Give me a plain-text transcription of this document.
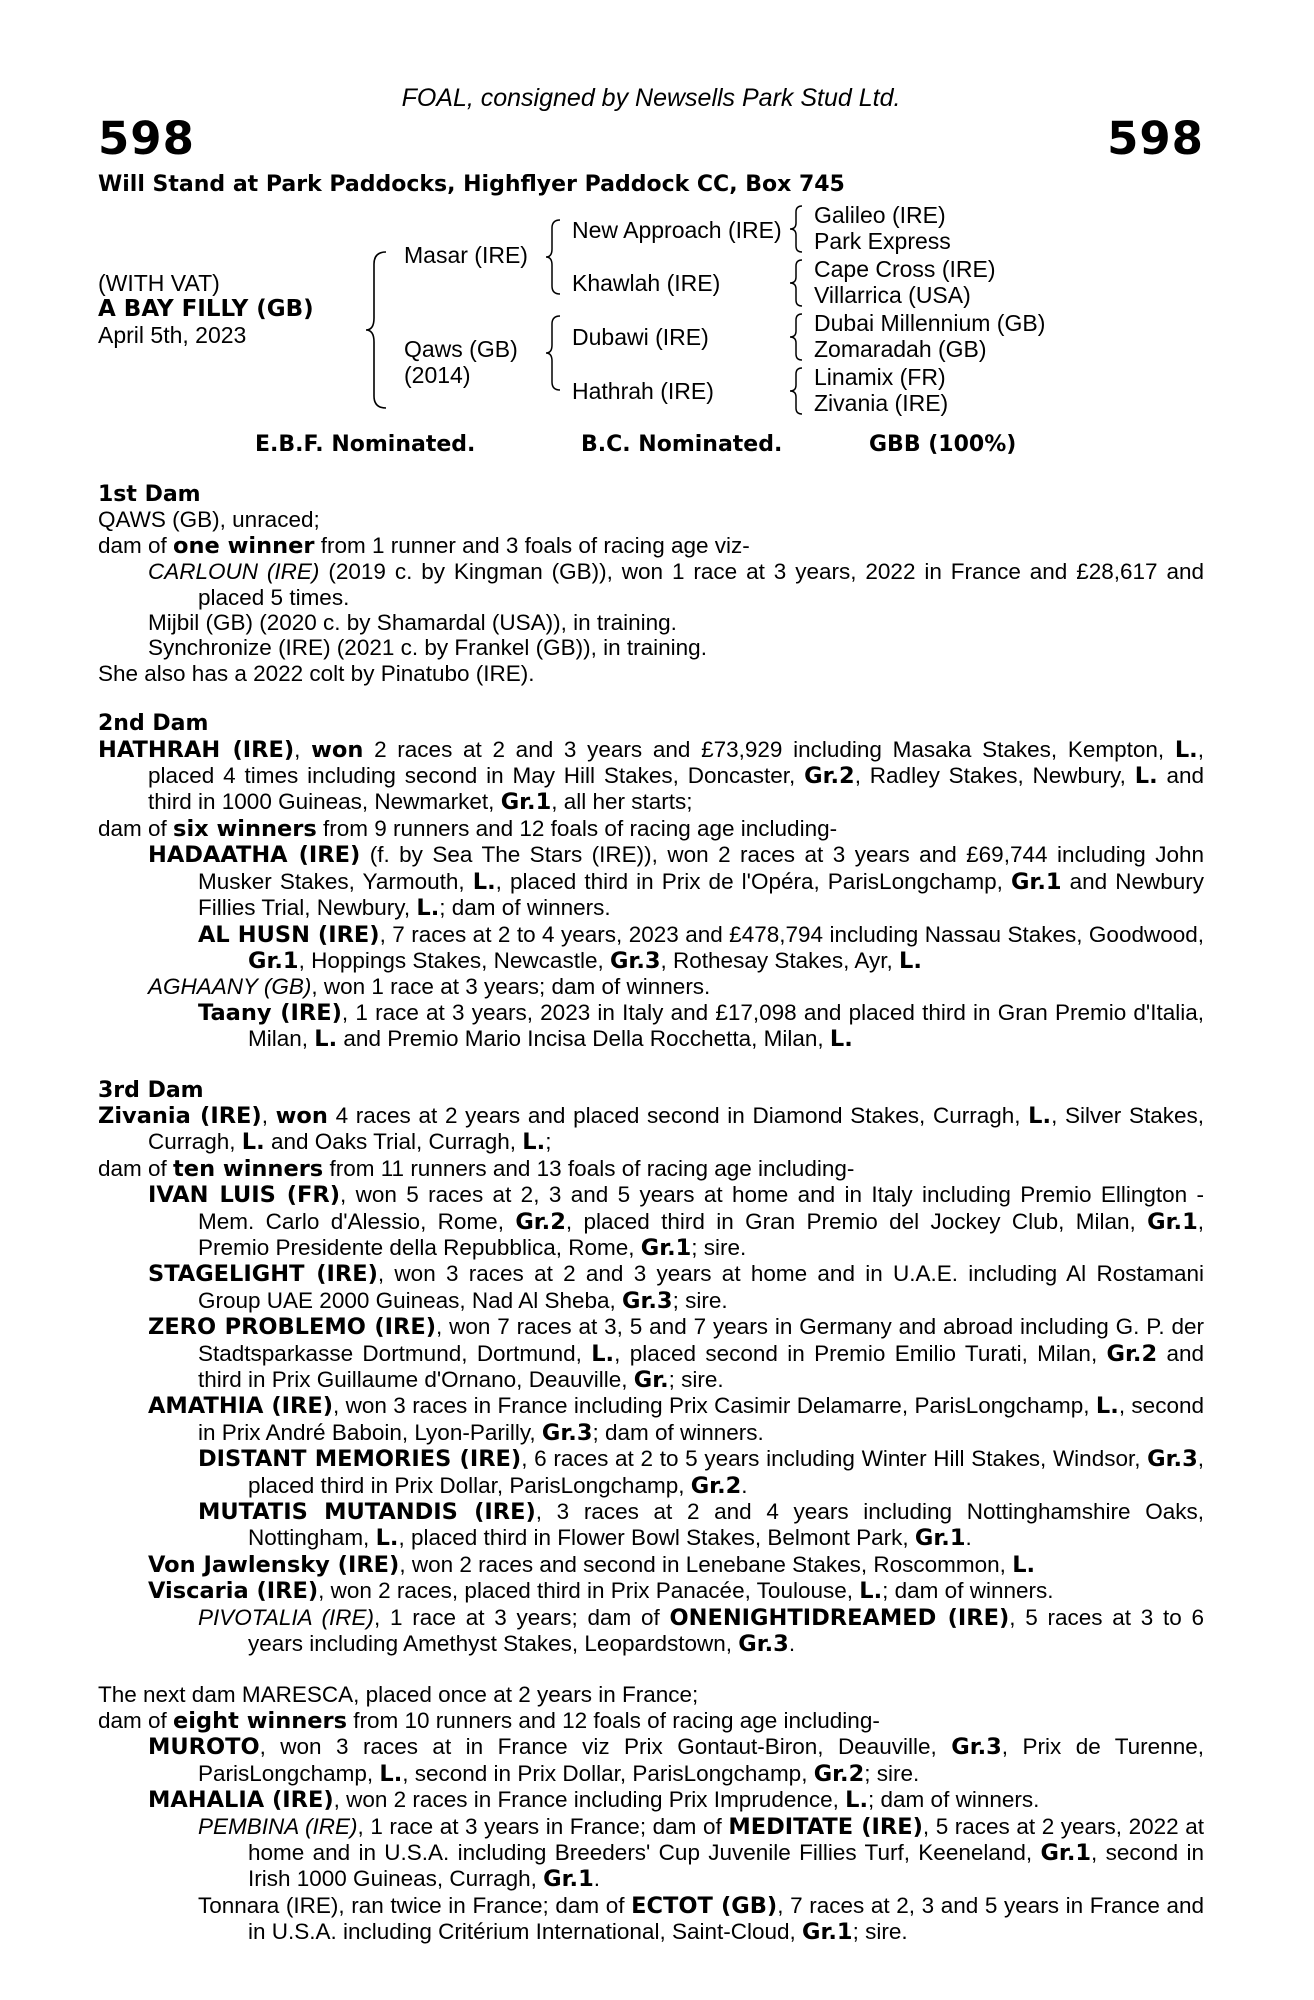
FOAL, consigned by Newsells Park Stud Ltd.
598	598
Will Stand at Park Paddocks, Highflyer Paddock CC, Box 745
(WITH VAT)
A BAY FILLY (GB)
April 5th, 2023
Masar (IRE)
Qaws (GB)
(2014)
New Approach (IRE)
Khawlah (IRE)
Dubawi (IRE)
Hathrah (IRE)
Galileo (IRE)
Park Express
Cape Cross (IRE)
Villarrica (USA)
Dubai Millennium (GB)
Zomaradah (GB)
Linamix (FR)
Zivania (IRE)
E.B.F. Nominated.	B.C. Nominated.	GBB (100%)
1st Dam
QAWS (GB), unraced;
dam of one winner from 1 runner and 3 foals of racing age viz-
CARLOUN (IRE) (2019 c. by Kingman (GB)), won 1 race at 3 years, 2022 in France and £28,617 and placed 5 times.
Mijbil (GB) (2020 c. by Shamardal (USA)), in training.
Synchronize (IRE) (2021 c. by Frankel (GB)), in training.
She also has a 2022 colt by Pinatubo (IRE).
2nd Dam
HATHRAH (IRE), won 2 races at 2 and 3 years and £73,929 including Masaka Stakes, Kempton, L., placed 4 times including second in May Hill Stakes, Doncaster, Gr.2, Radley Stakes, Newbury, L. and third in 1000 Guineas, Newmarket, Gr.1, all her starts;
dam of six winners from 9 runners and 12 foals of racing age including-
HADAATHA (IRE) (f. by Sea The Stars (IRE)), won 2 races at 3 years and £69,744 including John Musker Stakes, Yarmouth, L., placed third in Prix de l'Opéra, ParisLongchamp, Gr.1 and Newbury Fillies Trial, Newbury, L.; dam of winners.
AL HUSN (IRE), 7 races at 2 to 4 years, 2023 and £478,794 including Nassau Stakes, Goodwood, Gr.1, Hoppings Stakes, Newcastle, Gr.3, Rothesay Stakes, Ayr, L.
AGHAANY (GB), won 1 race at 3 years; dam of winners.
Taany (IRE), 1 race at 3 years, 2023 in Italy and £17,098 and placed third in Gran Premio d'Italia, Milan, L. and Premio Mario Incisa Della Rocchetta, Milan, L.
3rd Dam
Zivania (IRE), won 4 races at 2 years and placed second in Diamond Stakes, Curragh, L., Silver Stakes, Curragh, L. and Oaks Trial, Curragh, L.;
dam of ten winners from 11 runners and 13 foals of racing age including-
IVAN LUIS (FR), won 5 races at 2, 3 and 5 years at home and in Italy including Premio Ellington - Mem. Carlo d'Alessio, Rome, Gr.2, placed third in Gran Premio del Jockey Club, Milan, Gr.1, Premio Presidente della Repubblica, Rome, Gr.1; sire.
STAGELIGHT (IRE), won 3 races at 2 and 3 years at home and in U.A.E. including Al Rostamani Group UAE 2000 Guineas, Nad Al Sheba, Gr.3; sire.
ZERO PROBLEMO (IRE), won 7 races at 3, 5 and 7 years in Germany and abroad including G. P. der Stadtsparkasse Dortmund, Dortmund, L., placed second in Premio Emilio Turati, Milan, Gr.2 and third in Prix Guillaume d'Ornano, Deauville, Gr.; sire.
AMATHIA (IRE), won 3 races in France including Prix Casimir Delamarre, ParisLongchamp, L., second in Prix André Baboin, Lyon-Parilly, Gr.3; dam of winners.
DISTANT MEMORIES (IRE), 6 races at 2 to 5 years including Winter Hill Stakes, Windsor, Gr.3, placed third in Prix Dollar, ParisLongchamp, Gr.2.
MUTATIS MUTANDIS (IRE), 3 races at 2 and 4 years including Nottinghamshire Oaks, Nottingham, L., placed third in Flower Bowl Stakes, Belmont Park, Gr.1.
Von Jawlensky (IRE), won 2 races and second in Lenebane Stakes, Roscommon, L.
Viscaria (IRE), won 2 races, placed third in Prix Panacée, Toulouse, L.; dam of winners.
PIVOTALIA (IRE), 1 race at 3 years; dam of ONENIGHTIDREAMED (IRE), 5 races at 3 to 6 years including Amethyst Stakes, Leopardstown, Gr.3.
The next dam MARESCA, placed once at 2 years in France;
dam of eight winners from 10 runners and 12 foals of racing age including-
MUROTO, won 3 races at in France viz Prix Gontaut-Biron, Deauville, Gr.3, Prix de Turenne, ParisLongchamp, L., second in Prix Dollar, ParisLongchamp, Gr.2; sire.
MAHALIA (IRE), won 2 races in France including Prix Imprudence, L.; dam of winners.
PEMBINA (IRE), 1 race at 3 years in France; dam of MEDITATE (IRE), 5 races at 2 years, 2022 at home and in U.S.A. including Breeders' Cup Juvenile Fillies Turf, Keeneland, Gr.1, second in Irish 1000 Guineas, Curragh, Gr.1.
Tonnara (IRE), ran twice in France; dam of ECTOT (GB), 7 races at 2, 3 and 5 years in France and in U.S.A. including Critérium International, Saint-Cloud, Gr.1; sire.
